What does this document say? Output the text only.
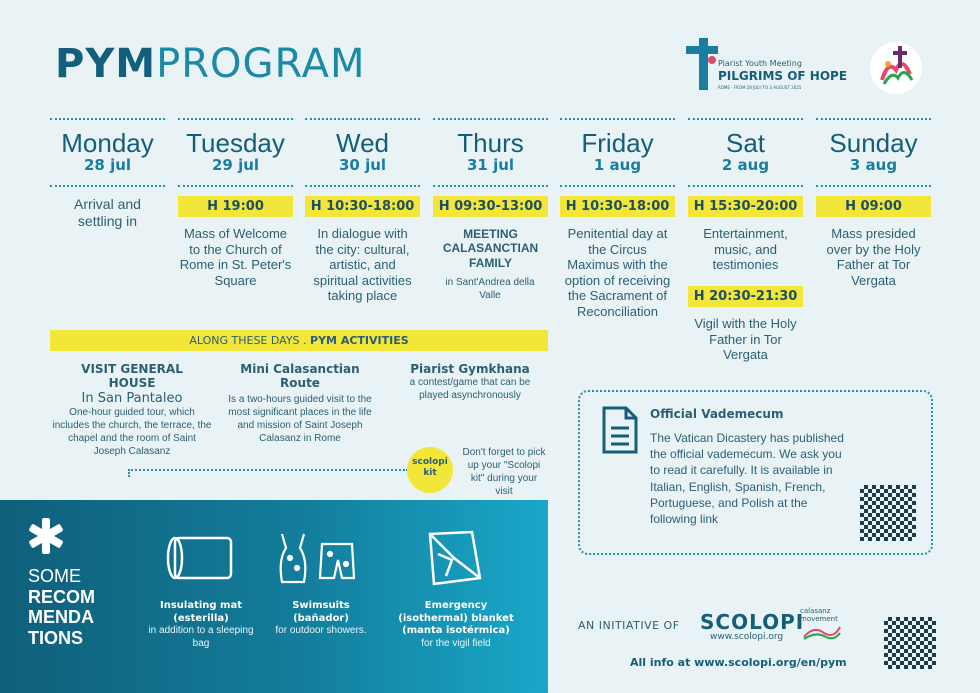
PYMPROGRAM	Piarist Youth Meeting
PILGRIMS OF HOPE
ROME · FROM 28 JULY TO 3 AUGUST 2025
Monday
28 jul
Arrival and settling in
Tuesday
29 jul
H 19:00
Mass of Welcome to the Church of Rome in St. Peter's Square
Wed
30 jul
H 10:30-18:00
In dialogue with the city: cultural, artistic, and spiritual activities taking place
Thurs
31 jul
H 09:30-13:00
MEETING CALASANCTIAN FAMILY
in Sant'Andrea della Valle
Friday
1 aug
H 10:30-18:00
Penitential day at the Circus Maximus with the option of receiving the Sacrament of Reconciliation
Sat
2 aug
H 15:30-20:00
Entertainment, music, and testimonies
H 20:30-21:30
Vigil with the Holy Father in Tor Vergata
Sunday
3 aug
H 09:00
Mass presided over by the Holy Father at Tor Vergata
ALONG THESE DAYS . PYM ACTIVITIES
VISIT GENERAL HOUSE
In San Pantaleo
One-hour guided tour, which includes the church, the terrace, the chapel and the room of Saint Joseph Calasanz
Mini Calasanctian Route
Is a two-hours guided visit to the most significant places in the life and mission of Saint Joseph Calasanz in Rome
Piarist Gymkhana
a contest/game that can be played asynchronously
scolopi kit
Don't forget to pick up your "Scolopi kit" during your visit
SOME
RECOM
MENDA
TIONS
Insulating mat (esterilla)
in addition to a sleeping bag
Swimsuits (bañador)
for outdoor showers.
Emergency (isothermal) blanket (manta isotérmica)
for the vigil field
Official Vademecum
The Vatican Dicastery has published the official vademecum. We ask you to read it carefully. It is available in Italian, English, Spanish, French, Portuguese, and Polish at the following link
AN INITIATIVE OF SCOLOPI
www.scolopi.org
calasanz movement
All info at www.scolopi.org/en/pym
